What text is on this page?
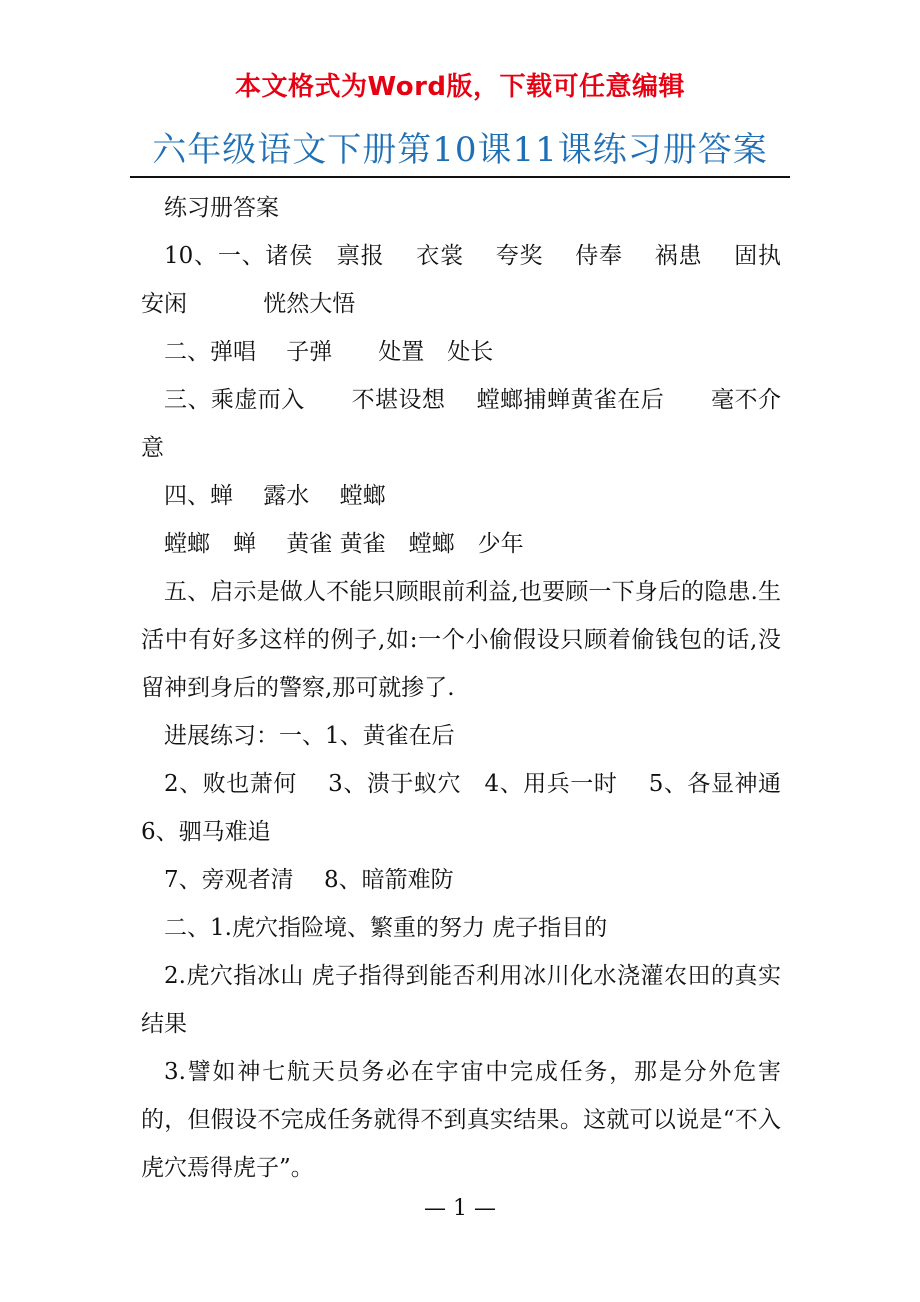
本文格式为Word版，下载可任意编辑
六年级语文下册第10课11课练习册答案

练习册答案

10、一、诸侯　禀报　 衣裳　 夸奖　 侍奉　 祸患　 固执　 安闲　　　 恍然大悟

二、弹唱　 子弹　　处置　处长

三、乘虚而入　　不堪设想　 螳螂捕蝉黄雀在后　　毫不介意

四、蝉　 露水　 螳螂

螳螂　蝉　 黄雀 黄雀　螳螂　少年

五、启示是做人不能只顾眼前利益,也要顾一下身后的隐患.生活中有好多这样的例子,如:一个小偷假设只顾着偷钱包的话,没留神到身后的警察,那可就掺了.

进展练习：一、1、黄雀在后

2、败也萧何　 3、溃于蚁穴　4、用兵一时　 5、各显神通　 6、驷马难追

7、旁观者清　 8、暗箭难防

二、1.虎穴指险境、繁重的努力 虎子指目的

2.虎穴指冰山 虎子指得到能否利用冰川化水浇灌农田的真实结果

3.譬如神七航天员务必在宇宙中完成任务，那是分外危害的，但假设不完成任务就得不到真实结果。这就可以说是“不入虎穴焉得虎子”。

— 1 —
